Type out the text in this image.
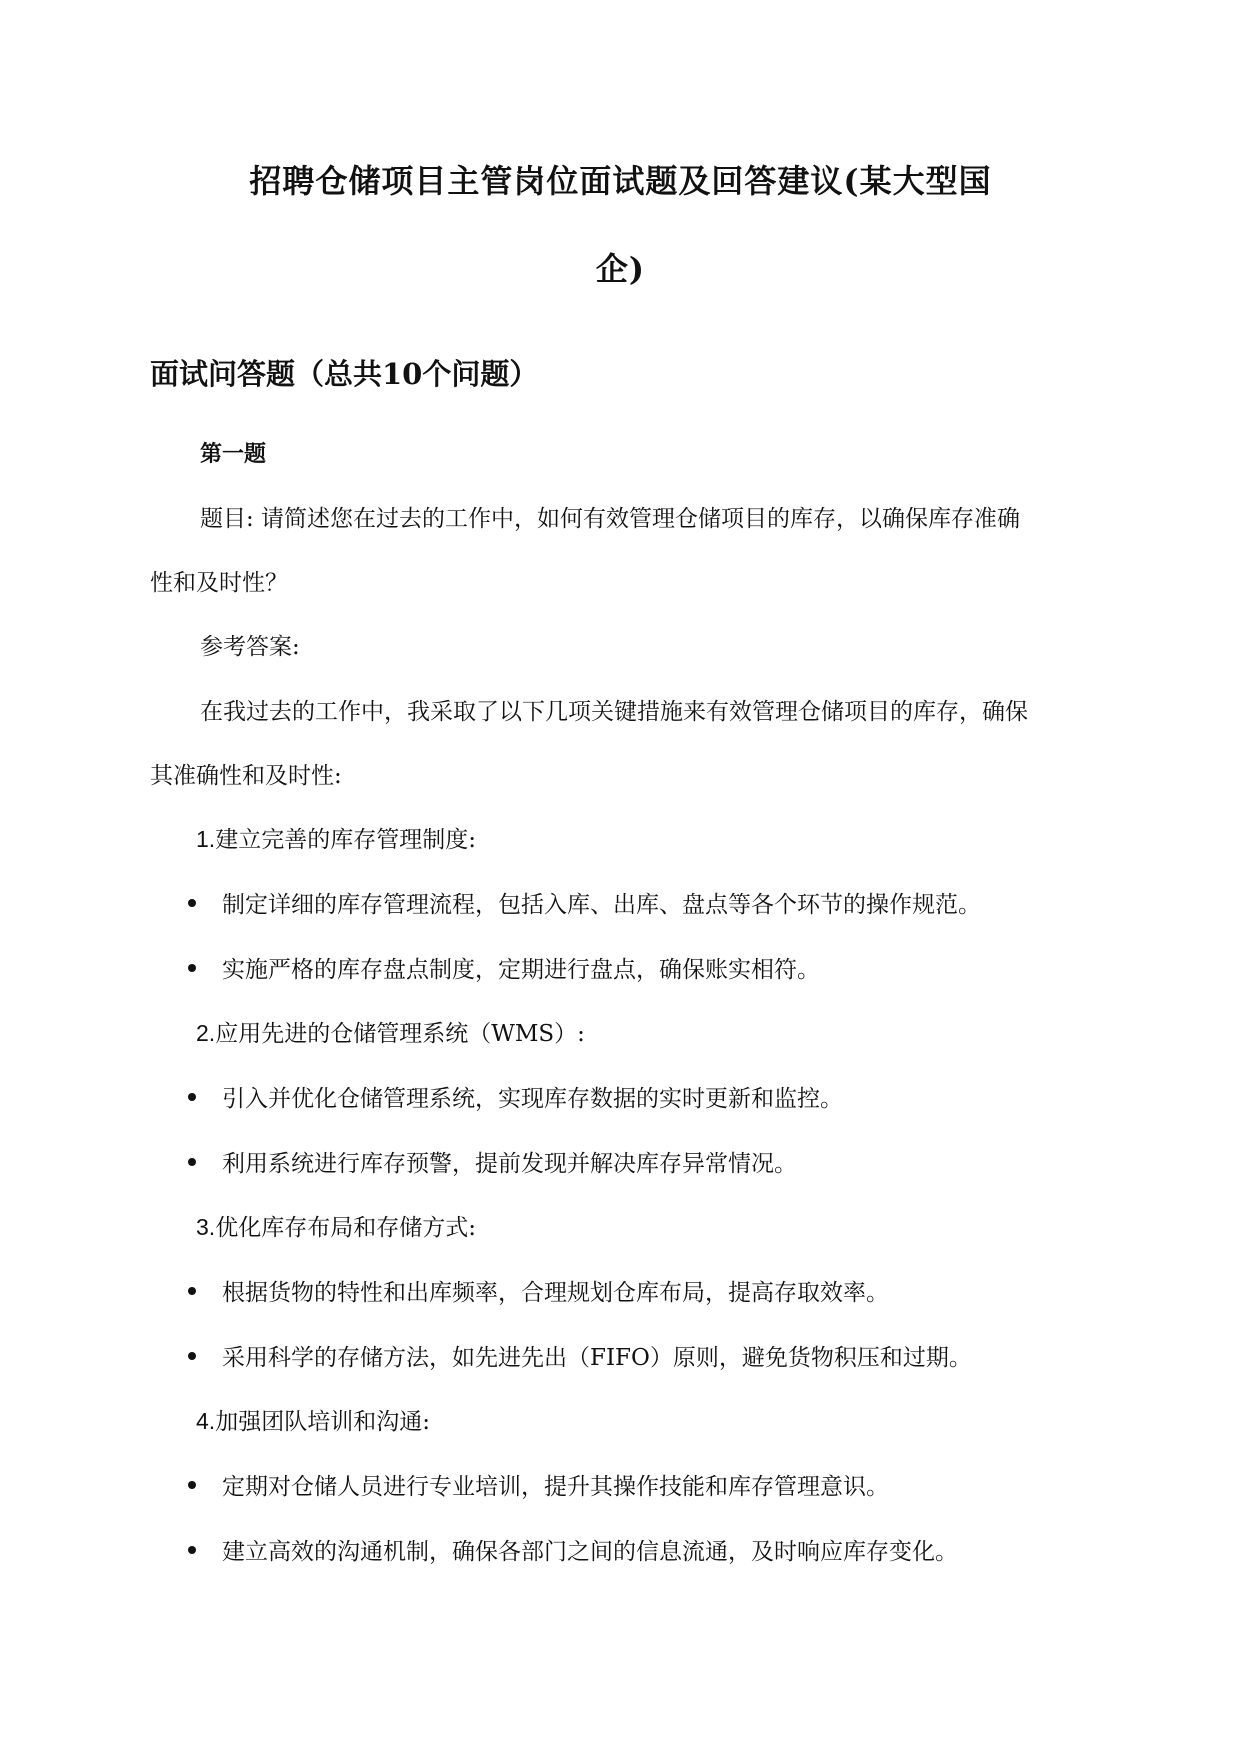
招聘仓储项目主管岗位面试题及回答建议(某大型国
企)
面试问答题（总共10个问题）
第一题
题目: 请简述您在过去的工作中，如何有效管理仓储项目的库存，以确保库存准确
性和及时性？
参考答案:
在我过去的工作中，我采取了以下几项关键措施来有效管理仓储项目的库存，确保
其准确性和及时性:
1.建立完善的库存管理制度:
制定详细的库存管理流程，包括入库、出库、盘点等各个环节的操作规范。
实施严格的库存盘点制度，定期进行盘点，确保账实相符。
2.应用先进的仓储管理系统（WMS）:
引入并优化仓储管理系统，实现库存数据的实时更新和监控。
利用系统进行库存预警，提前发现并解决库存异常情况。
3.优化库存布局和存储方式:
根据货物的特性和出库频率，合理规划仓库布局，提高存取效率。
采用科学的存储方法，如先进先出（FIFO）原则，避免货物积压和过期。
4.加强团队培训和沟通:
定期对仓储人员进行专业培训，提升其操作技能和库存管理意识。
建立高效的沟通机制，确保各部门之间的信息流通，及时响应库存变化。
